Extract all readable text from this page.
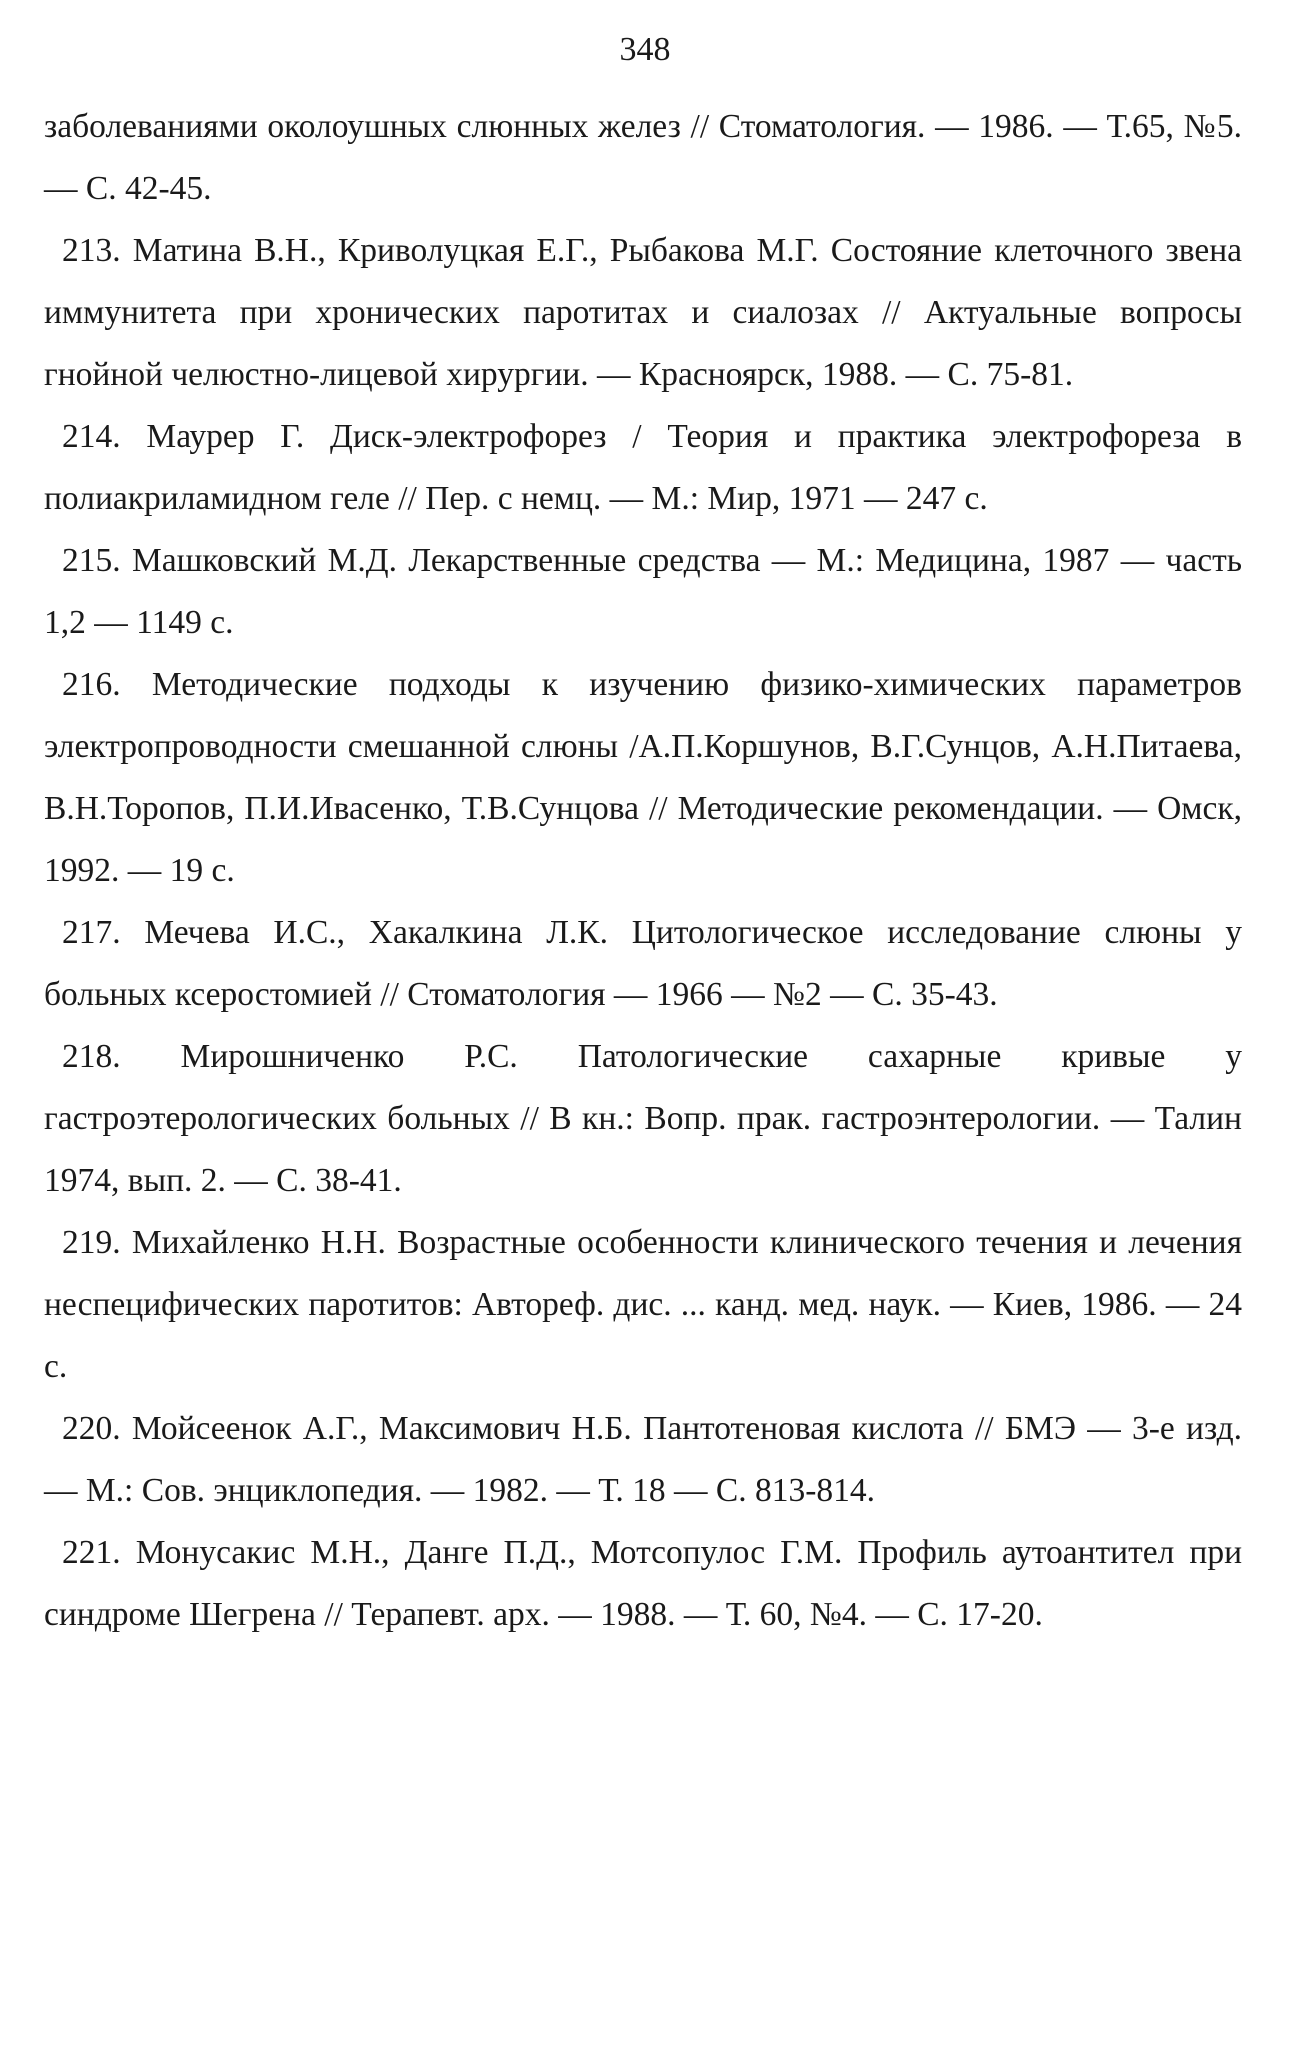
348

заболеваниями околоушных слюнных желез // Стоматология. — 1986. — Т.65, №5. — С. 42-45.

213. Матина В.Н., Криволуцкая Е.Г., Рыбакова М.Г. Состояние клеточного звена иммунитета при хронических паротитах и сиалозах // Актуальные вопросы гнойной челюстно-лицевой хирургии. — Красноярск, 1988. — С. 75-81.

214. Маурер Г. Диск-электрофорез / Теория и практика электрофореза в полиакриламидном геле // Пер. с немц. — М.: Мир, 1971 — 247 с.

215. Машковский М.Д. Лекарственные средства — М.: Медицина, 1987 — часть 1,2 — 1149 с.

216. Методические подходы к изучению физико-химических параметров электропроводности смешанной слюны /А.П.Коршунов, В.Г.Сунцов, А.Н.Питаева, В.Н.Торопов, П.И.Ивасенко, Т.В.Сунцова // Методические рекомендации. — Омск, 1992. — 19 с.

217. Мечева И.С., Хакалкина Л.К. Цитологическое исследование слюны у больных ксеростомией // Стоматология — 1966 — №2 — С. 35-43.

218. Мирошниченко Р.С. Патологические сахарные кривые у гастроэтерологических больных // В кн.: Вопр. прак. гастроэнтерологии. — Талин 1974, вып. 2. — С. 38-41.

219. Михайленко Н.Н. Возрастные особенности клинического течения и лечения неспецифических паротитов: Автореф. дис. ... канд. мед. наук. — Киев, 1986. — 24 с.

220. Мойсеенок А.Г., Максимович Н.Б. Пантотеновая кислота // БМЭ — 3-е изд. — М.: Сов. энциклопедия. — 1982. — Т. 18 — С. 813-814.

221. Монусакис М.Н., Данге П.Д., Мотсопулос Г.М. Профиль аутоантител при синдроме Шегрена // Терапевт. арх. — 1988. — Т. 60, №4. — С. 17-20.
